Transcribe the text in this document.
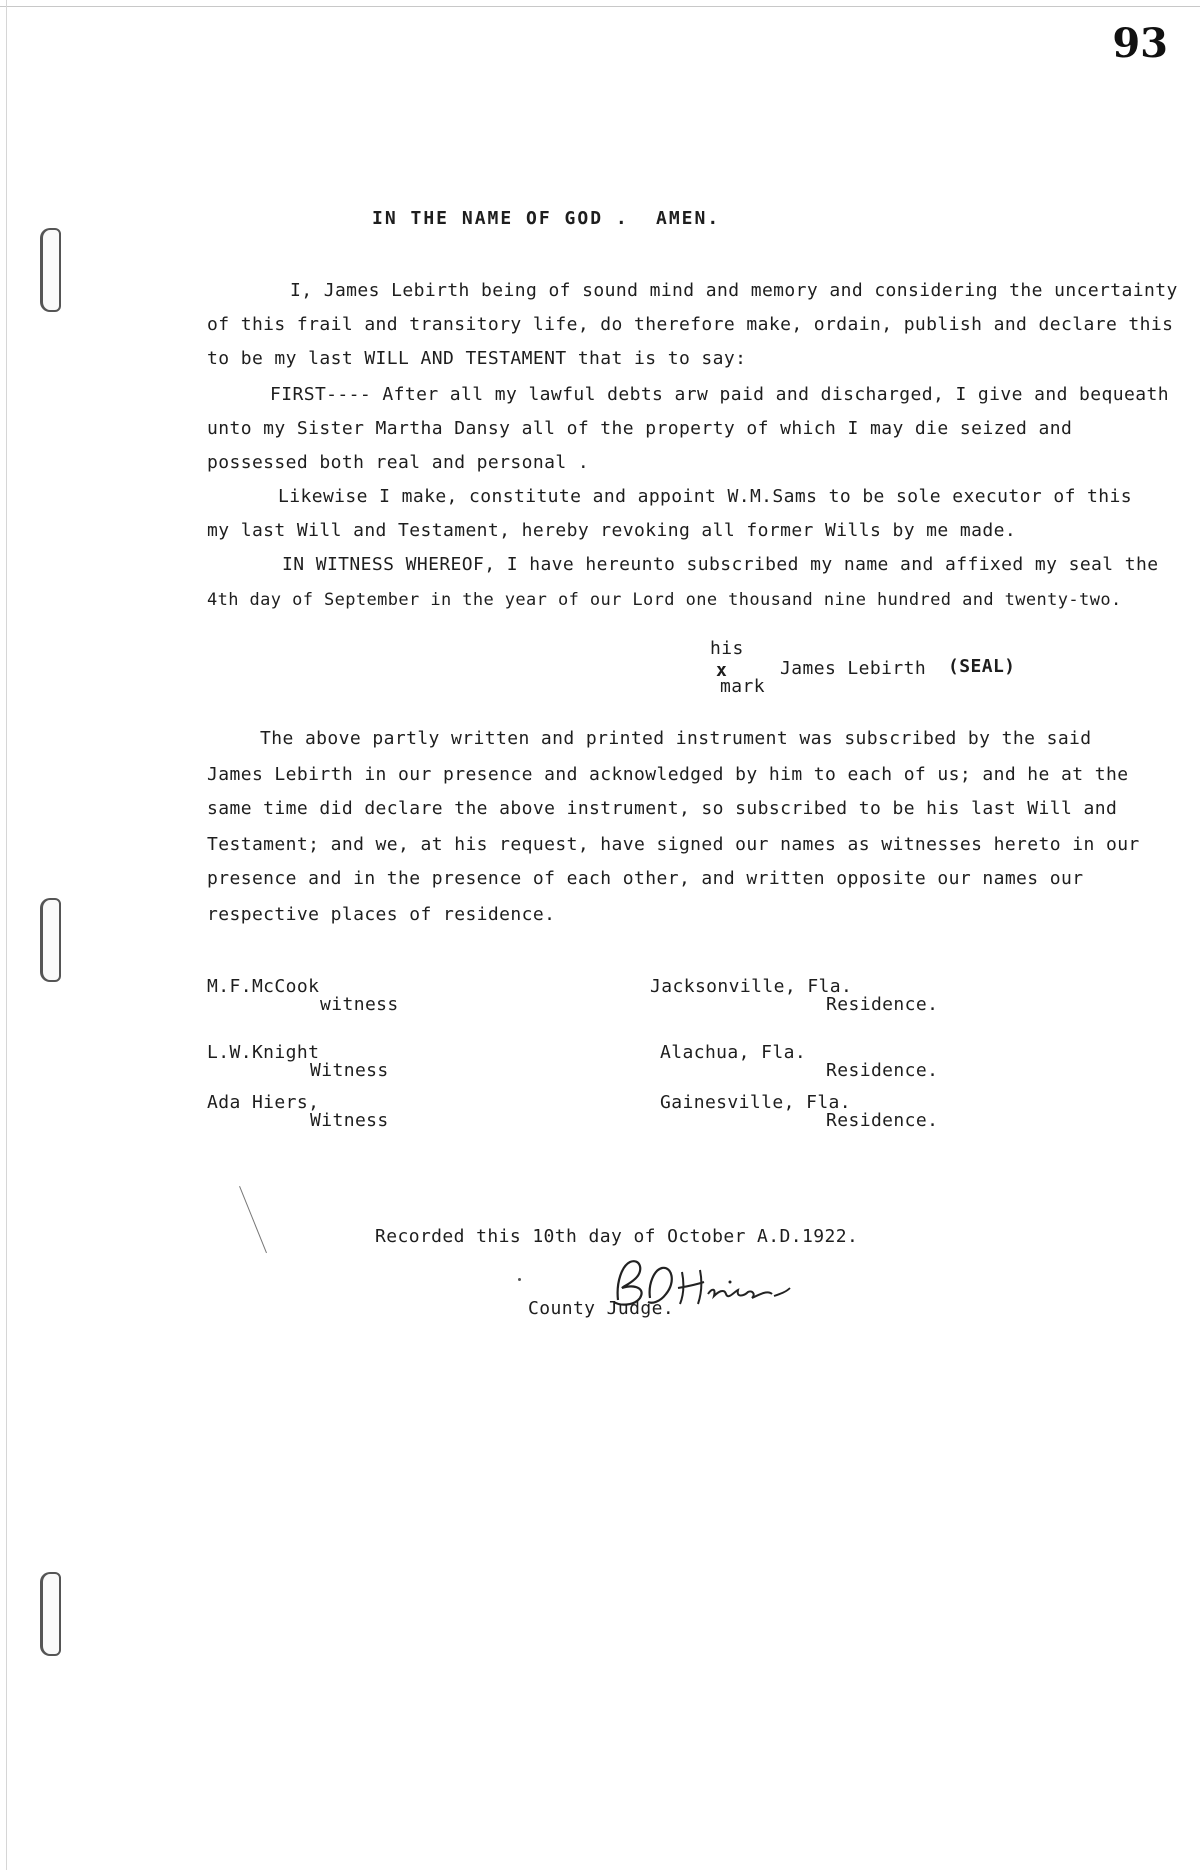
93
IN THE NAME OF GOD . AMEN.
I, James Lebirth being of sound mind and memory and considering the uncertainty
of this frail and transitory life, do therefore make, ordain, publish and declare this
to be my last WILL AND TESTAMENT that is to say:
FIRST---- After all my lawful debts arw paid and discharged, I give and bequeath
unto my Sister Martha Dansy all of the property of which I may die seized and
possessed both real and personal .
Likewise I make, constitute and appoint W.M.Sams to be sole executor of this
my last Will and Testament, hereby revoking all former Wills by me made.
IN WITNESS WHEREOF, I have hereunto subscribed my name and affixed my seal the
4th day of September in the year of our Lord one thousand nine hundred and twenty-two.
his
x
mark
James Lebirth (SEAL)
The above partly written and printed instrument was subscribed by the said
James Lebirth in our presence and acknowledged by him to each of us; and he at the
same time did declare the above instrument, so subscribed to be his last Will and
Testament; and we, at his request, have signed our names as witnesses hereto in our
presence and in the presence of each other, and written opposite our names our
respective places of residence.
M.F.McCook
witness
Jacksonville, Fla.
Residence.
L.W.Knight
Witness
Alachua, Fla.
Residence.
Ada Hiers,
Witness
Gainesville, Fla.
Residence.
Recorded this 10th day of October A.D.1922.
County Judge.
